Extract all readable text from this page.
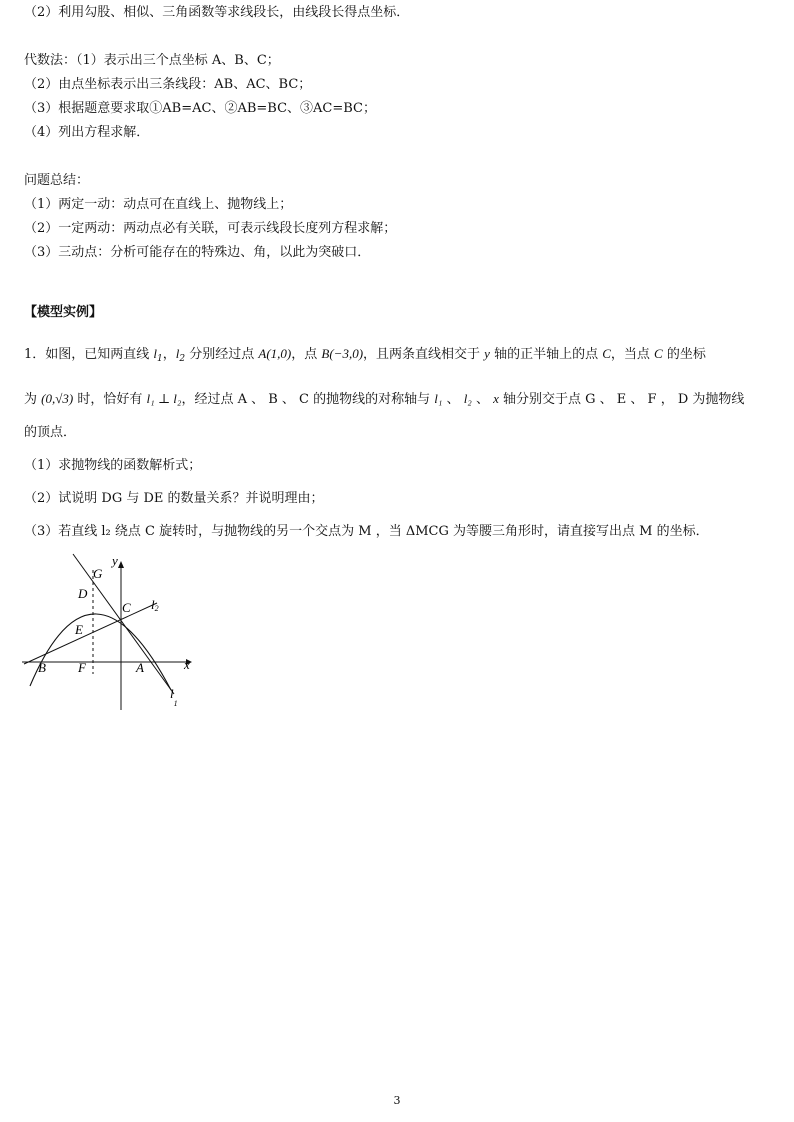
（2）利用勾股、相似、三角函数等求线段长，由线段长得点坐标．
代数法：（1）表示出三个点坐标 A、B、C；
（2）由点坐标表示出三条线段：AB、AC、BC；
（3）根据题意要求取①AB=AC、②AB=BC、③AC=BC；
（4）列出方程求解．
问题总结：
（1）两定一动：动点可在直线上、抛物线上；
（2）一定两动：两动点必有关联，可表示线段长度列方程求解；
（3）三动点：分析可能存在的特殊边、角，以此为突破口．
【模型实例】
1．如图，已知两直线 $l_1$，$l_2$ 分别经过点 A(1,0)，点 B(−3,0)，且两条直线相交于 y 轴的正半轴上的点 C，当点 C 的坐标
为 (0,√3) 时，恰好有 l₁ ⊥ l₂，经过点 A 、 B 、 C 的抛物线的对称轴与 l₁ 、 l₂ 、 x 轴分别交于点 G 、 E 、 F ， D 为抛物线
的顶点．
（1）求抛物线的函数解析式；
（2）试说明 DG 与 DE 的数量关系？并说明理由；
（3）若直线 l₂ 绕点 C 旋转时，与抛物线的另一个交点为 M ，当 ΔMCG 为等腰三角形时，请直接写出点 M 的坐标．
y
x
G
D
C l2
E
B F	A
$l_1$
3
